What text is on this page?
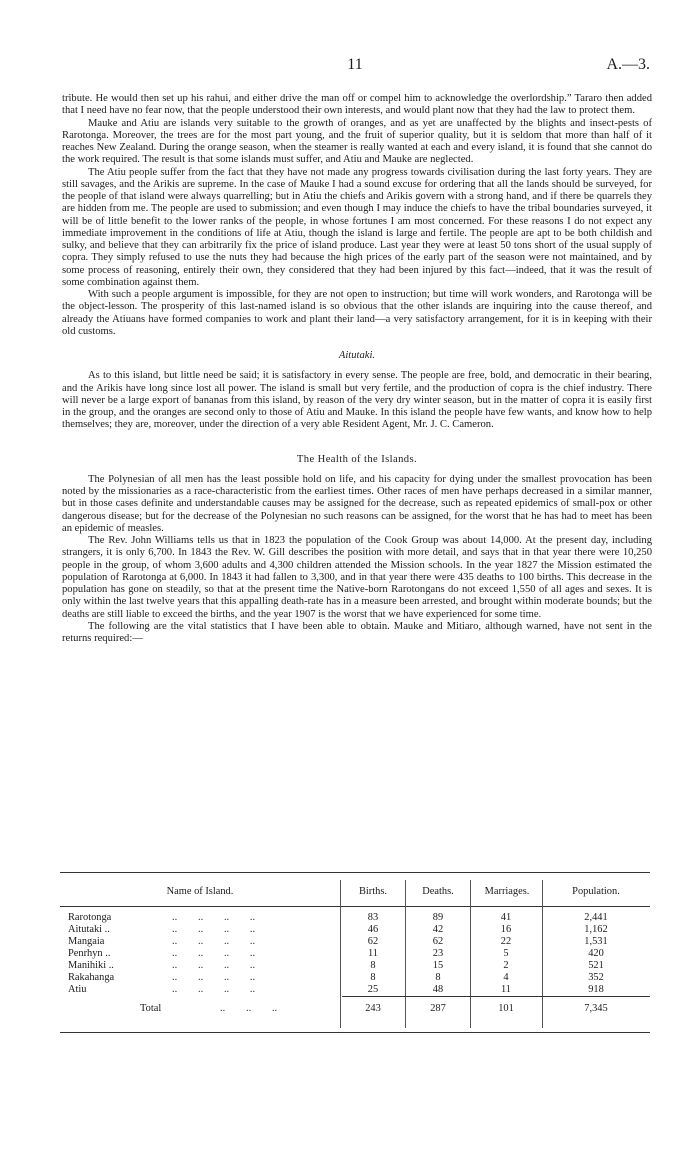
11	A.—3.

tribute. He would then set up his rahui, and either drive the man off or compel him to acknowledge the overlordship.” Tararo then added that I need have no fear now, that the people understood their own interests, and would plant now that they had the law to protect them.

Mauke and Atiu are islands very suitable to the growth of oranges, and as yet are unaffected by the blights and insect-pests of Rarotonga. Moreover, the trees are for the most part young, and the fruit of superior quality, but it is seldom that more than half of it reaches New Zealand. During the orange season, when the steamer is really wanted at each and every island, it is found that she cannot do the work required. The result is that some islands must suffer, and Atiu and Mauke are neglected.

The Atiu people suffer from the fact that they have not made any progress towards civilisation during the last forty years. They are still savages, and the Arikis are supreme. In the case of Mauke I had a sound excuse for ordering that all the lands should be surveyed, for the people of that island were always quarrelling; but in Atiu the chiefs and Arikis govern with a strong hand, and if there be quarrels they are hidden from me. The people are used to submission; and even though I may induce the chiefs to have the tribal boundaries surveyed, it will be of little benefit to the lower ranks of the people, in whose fortunes I am most concerned. For these reasons I do not expect any immediate improvement in the conditions of life at Atiu, though the island is large and fertile. The people are apt to be both childish and sulky, and believe that they can arbitrarily fix the price of island produce. Last year they were at least 50 tons short of the usual supply of copra. They simply refused to use the nuts they had because the high prices of the early part of the season were not maintained, and by some process of reasoning, entirely their own, they considered that they had been injured by this fact—indeed, that it was the result of some combination against them.

With such a people argument is impossible, for they are not open to instruction; but time will work wonders, and Rarotonga will be the object-lesson. The prosperity of this last-named island is so obvious that the other islands are inquiring into the cause thereof, and already the Atiuans have formed companies to work and plant their land—a very satisfactory arrangement, for it is in keeping with their old customs.

Aitutaki.

As to this island, but little need be said; it is satisfactory in every sense. The people are free, bold, and democratic in their bearing, and the Arikis have long since lost all power. The island is small but very fertile, and the production of copra is the chief industry. There will never be a large export of bananas from this island, by reason of the very dry winter season, but in the matter of copra it is easily first in the group, and the oranges are second only to those of Atiu and Mauke. In this island the people have few wants, and know how to help themselves; they are, moreover, under the direction of a very able Resident Agent, Mr. J. C. Cameron.

The Health of the Islands.

The Polynesian of all men has the least possible hold on life, and his capacity for dying under the smallest provocation has been noted by the missionaries as a race-characteristic from the earliest times. Other races of men have perhaps decreased in a similar manner, but in those cases definite and understandable causes may be assigned for the decrease, such as repeated epidemics of small-pox or other dangerous disease; but for the decrease of the Polynesian no such reasons can be assigned, for the worst that he has had to meet has been an epidemic of measles.

The Rev. John Williams tells us that in 1823 the population of the Cook Group was about 14,000. At the present day, including strangers, it is only 6,700. In 1843 the Rev. W. Gill describes the position with more detail, and says that in that year there were 10,250 people in the group, of whom 3,600 adults and 4,300 children attended the Mission schools. In the year 1827 the Mission estimated the population of Rarotonga at 6,000. In 1843 it had fallen to 3,300, and in that year there were 435 deaths to 100 births. This decrease in the population has gone on steadily, so that at the present time the Native-born Rarotongans do not exceed 1,550 of all ages and sexes. It is only within the last twelve years that this appalling death-rate has in a measure been arrested, and brought within moderate bounds; but the deaths are still liable to exceed the births, and the year 1907 is the worst that we have experienced for some time.

The following are the vital statistics that I have been able to obtain. Mauke and Mitiaro, although warned, have not sent in the returns required:—

Name of Island.	Births.	Deaths.	Marriages.	Population.
Rarotonga	..        ..        ..        ..	83	89	41	2,441
Aitutaki ..	..        ..        ..        ..	46	42	16	1,162
Mangaia	..        ..        ..        ..	62	62	22	1,531
Penrhyn ..	..        ..        ..        ..	11	23	5	420
Manihiki ..	..        ..        ..        ..	8	15	2	521
Rakahanga	..        ..        ..        ..	8	8	4	352
Atiu	..        ..        ..        ..	25	48	11	918
Total	..        ..        ..	243	287	101	7,345
